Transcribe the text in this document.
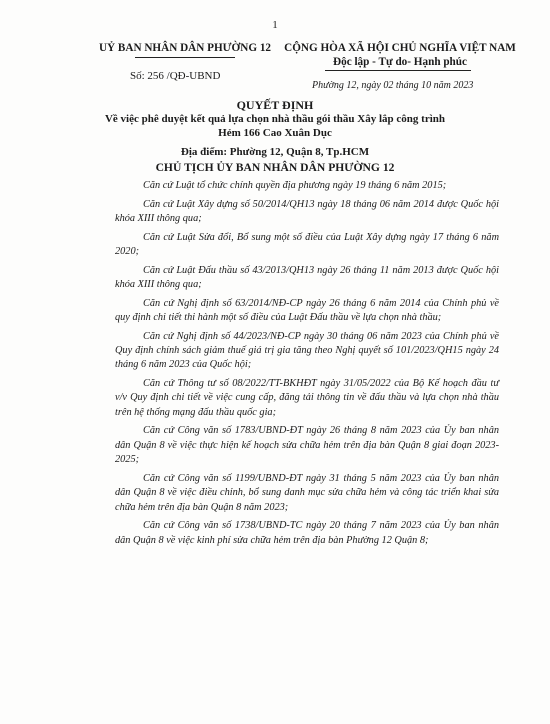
1
UỶ BAN NHÂN DÂN PHƯỜNG 12
Số: 256 /QĐ-UBND
CỘNG HÒA XÃ HỘI CHỦ NGHĨA VIỆT NAM
Độc lập - Tự do- Hạnh phúc
Phường 12, ngày 02 tháng 10 năm 2023
QUYẾT ĐỊNH
Về việc phê duyệt kết quả lựa chọn nhà thầu gói thầu Xây lắp công trình
Hẻm 166 Cao Xuân Dục
Địa điểm: Phường 12, Quận 8, Tp.HCM
CHỦ TỊCH ỦY BAN NHÂN DÂN PHƯỜNG 12

Căn cứ Luật tổ chức chính quyền địa phương ngày 19 tháng 6 năm 2015;

Căn cứ Luật Xây dựng số 50/2014/QH13 ngày 18 tháng 06 năm 2014 được Quốc hội khóa XIII thông qua;

Căn cứ Luật Sửa đổi, Bổ sung một số điều của Luật Xây dựng ngày 17 tháng 6 năm 2020;

Căn cứ Luật Đấu thầu số 43/2013/QH13 ngày 26 tháng 11 năm 2013 được Quốc hội khóa XIII thông qua;

Căn cứ Nghị định số 63/2014/NĐ-CP ngày 26 tháng 6 năm 2014 của Chính phủ về quy định chi tiết thi hành một số điều của Luật Đấu thầu về lựa chọn nhà thầu;

Căn cứ Nghị định số 44/2023/NĐ-CP ngày 30 tháng 06 năm 2023 của Chính phủ về Quy định chính sách giảm thuế giá trị gia tăng theo Nghị quyết số 101/2023/QH15 ngày 24 tháng 6 năm 2023 của Quốc hội;

Căn cứ Thông tư số 08/2022/TT-BKHĐT ngày 31/05/2022 của Bộ Kế hoạch đầu tư v/v Quy định chi tiết về việc cung cấp, đăng tải thông tin về đấu thầu và lựa chọn nhà thầu trên hệ thống mạng đấu thầu quốc gia;

Căn cứ Công văn số 1783/UBND-ĐT ngày 26 tháng 8 năm 2023 của Ủy ban nhân dân Quận 8 về việc thực hiện kế hoạch sửa chữa hẻm trên địa bàn Quận 8 giai đoạn 2023-2025;

Căn cứ Công văn số 1199/UBND-ĐT ngày 31 tháng 5 năm 2023 của Ủy ban nhân dân Quận 8 về việc điều chỉnh, bổ sung danh mục sửa chữa hẻm và công tác triển khai sửa chữa hẻm trên địa bàn Quận 8 năm 2023;

Căn cứ Công văn số 1738/UBND-TC ngày 20 tháng 7 năm 2023 của Ủy ban nhân dân Quận 8 về việc kinh phí sửa chữa hẻm trên địa bàn Phường 12 Quận 8;
